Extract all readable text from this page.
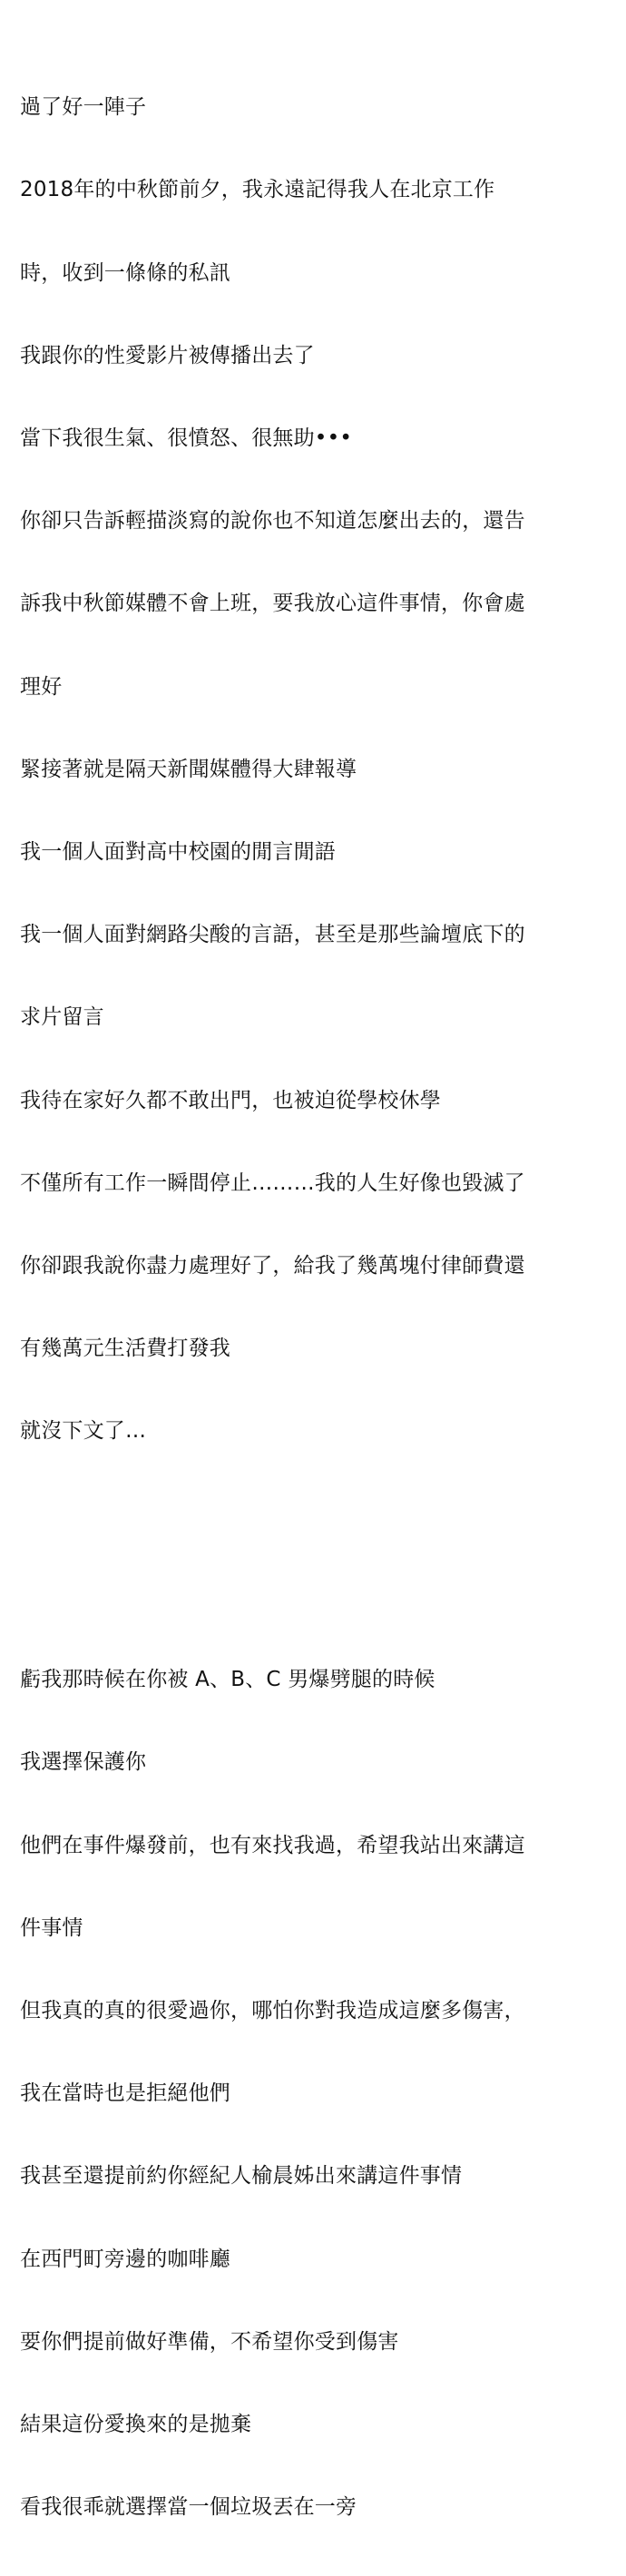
過了好一陣子

2018年的中秋節前夕，我永遠記得我人在北京工作

時，收到一條條的私訊

我跟你的性愛影片被傳播出去了

當下我很生氣、很憤怒、很無助•••

你卻只告訴輕描淡寫的說你也不知道怎麼出去的，還告

訴我中秋節媒體不會上班，要我放心這件事情，你會處

理好

緊接著就是隔天新聞媒體得大肆報導

我一個人面對高中校園的閒言閒語

我一個人面對網路尖酸的言語，甚至是那些論壇底下的

求片留言

我待在家好久都不敢出門，也被迫從學校休學

不僅所有工作一瞬間停止………我的人生好像也毀滅了

你卻跟我說你盡力處理好了，給我了幾萬塊付律師費還

有幾萬元生活費打發我

就沒下文了…

虧我那時候在你被 A、B、C 男爆劈腿的時候

我選擇保護你

他們在事件爆發前，也有來找我過，希望我站出來講這

件事情

但我真的真的很愛過你，哪怕你對我造成這麼多傷害，

我在當時也是拒絕他們

我甚至還提前約你經紀人榆晨姊出來講這件事情

在西門町旁邊的咖啡廳

要你們提前做好準備，不希望你受到傷害

結果這份愛換來的是拋棄

看我很乖就選擇當一個垃圾丟在一旁
